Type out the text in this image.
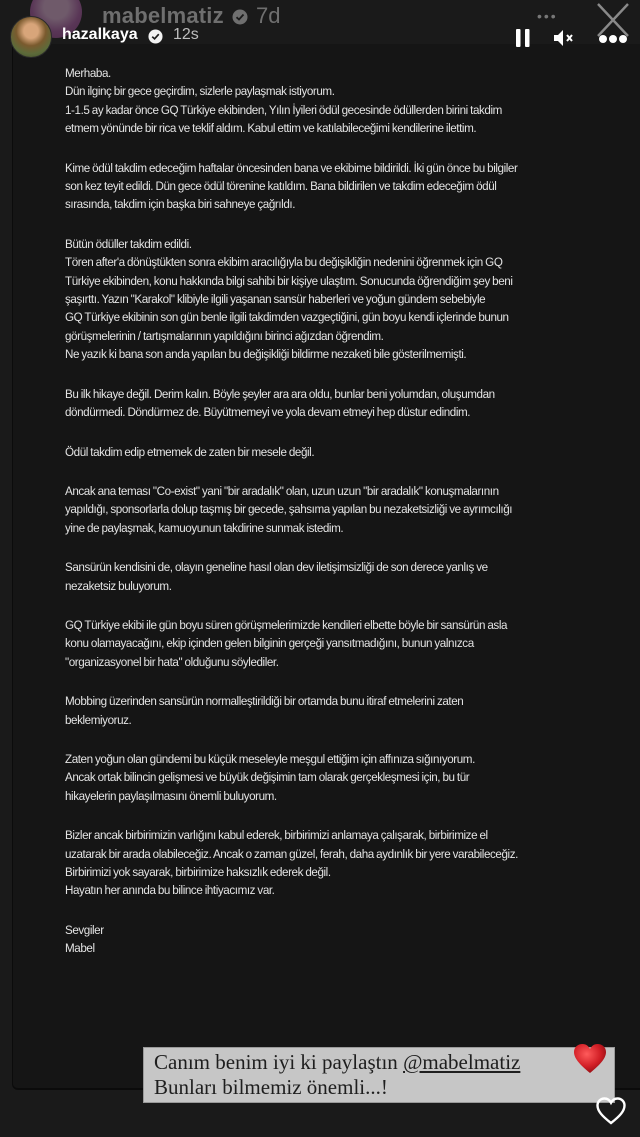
mabelmatiz 7d	•••
hazalkaya 12s
Merhaba.
Dün ilginç bir gece geçirdim, sizlerle paylaşmak istiyorum.
1-1.5 ay kadar önce GQ Türkiye ekibinden, Yılın İyileri ödül gecesinde ödüllerden birini takdim
etmem yönünde bir rica ve teklif aldım. Kabul ettim ve katılabileceğimi kendilerine ilettim.
Kime ödül takdim edeceğim haftalar öncesinden bana ve ekibime bildirildi. İki gün önce bu bilgiler
son kez teyit edildi. Dün gece ödül törenine katıldım. Bana bildirilen ve takdim edeceğim ödül
sırasında, takdim için başka biri sahneye çağrıldı.
Bütün ödüller takdim edildi.
Tören after'a dönüştükten sonra ekibim aracılığıyla bu değişikliğin nedenini öğrenmek için GQ
Türkiye ekibinden, konu hakkında bilgi sahibi bir kişiye ulaştım. Sonucunda öğrendiğim şey beni
şaşırttı. Yazın "Karakol" klibiyle ilgili yaşanan sansür haberleri ve yoğun gündem sebebiyle
GQ Türkiye ekibinin son gün benle ilgili takdimden vazgeçtiğini, gün boyu kendi içlerinde bunun
görüşmelerinin / tartışmalarının yapıldığını birinci ağızdan öğrendim.
Ne yazık ki bana son anda yapılan bu değişikliği bildirme nezaketi bile gösterilmemişti.
Bu ilk hikaye değil. Derim kalın. Böyle şeyler ara ara oldu, bunlar beni yolumdan, oluşumdan
döndürmedi. Döndürmez de. Büyütmemeyi ve yola devam etmeyi hep düstur edindim.
Ödül takdim edip etmemek de zaten bir mesele değil.
Ancak ana teması "Co-exist" yani "bir aradalık" olan, uzun uzun "bir aradalık" konuşmalarının
yapıldığı, sponsorlarla dolup taşmış bir gecede, şahsıma yapılan bu nezaketsizliği ve ayrımcılığı
yine de paylaşmak, kamuoyunun takdirine sunmak istedim.
Sansürün kendisini de, olayın geneline hasıl olan dev iletişimsizliği de son derece yanlış ve
nezaketsiz buluyorum.
GQ Türkiye ekibi ile gün boyu süren görüşmelerimizde kendileri elbette böyle bir sansürün asla
konu olamayacağını, ekip içinden gelen bilginin gerçeği yansıtmadığını, bunun yalnızca
"organizasyonel bir hata" olduğunu söylediler.
Mobbing üzerinden sansürün normalleştirildiği bir ortamda bunu itiraf etmelerini zaten
beklemiyoruz.
Zaten yoğun olan gündemi bu küçük meseleyle meşgul ettiğim için affınıza sığınıyorum.
Ancak ortak bilincin gelişmesi ve büyük değişimin tam olarak gerçekleşmesi için, bu tür
hikayelerin paylaşılmasını önemli buluyorum.
Bizler ancak birbirimizin varlığını kabul ederek, birbirimizi anlamaya çalışarak, birbirimize el
uzatarak bir arada olabileceğiz. Ancak o zaman güzel, ferah, daha aydınlık bir yere varabileceğiz.
Birbirimizi yok sayarak, birbirimize haksızlık ederek değil.
Hayatın her anında bu bilince ihtiyacımız var.
Sevgiler
Mabel
Canım benim iyi ki paylaştın @mabelmatiz
Bunları bilmemiz önemli...!
